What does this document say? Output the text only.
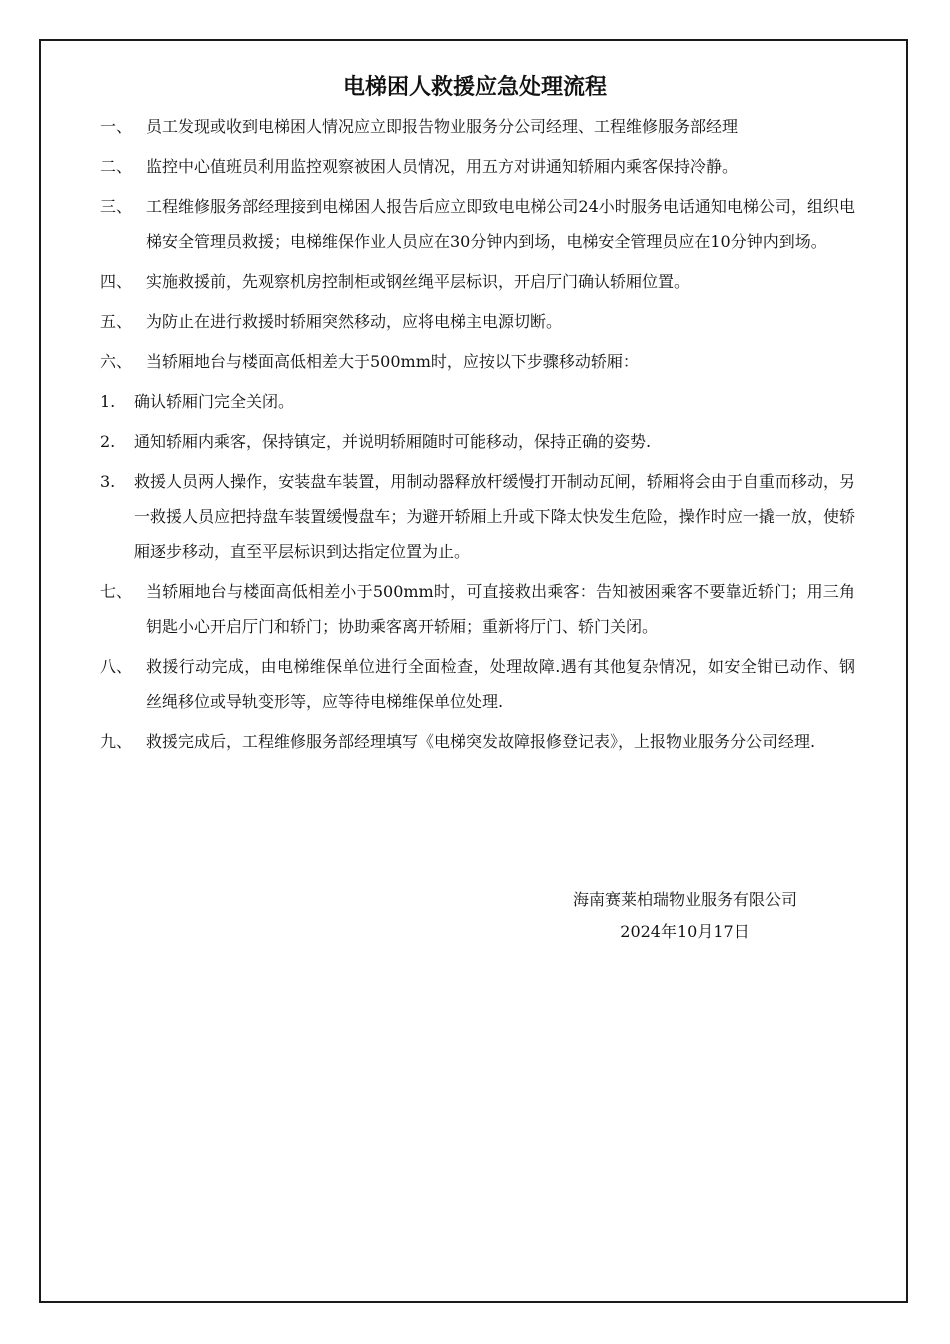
电梯困人救援应急处理流程
一、 员工发现或收到电梯困人情况应立即报告物业服务分公司经理、工程维修服务部经理
二、 监控中心值班员利用监控观察被困人员情况，用五方对讲通知轿厢内乘客保持冷静。
三、 工程维修服务部经理接到电梯困人报告后应立即致电电梯公司24小时服务电话通知电梯公司，组织电梯安全管理员救援；电梯维保作业人员应在30分钟内到场，电梯安全管理员应在10分钟内到场。
四、 实施救援前，先观察机房控制柜或钢丝绳平层标识，开启厅门确认轿厢位置。
五、 为防止在进行救援时轿厢突然移动，应将电梯主电源切断。
六、 当轿厢地台与楼面高低相差大于500mm时，应按以下步骤移动轿厢：
1. 确认轿厢门完全关闭。
2. 通知轿厢内乘客，保持镇定，并说明轿厢随时可能移动，保持正确的姿势.
3. 救援人员两人操作，安装盘车装置，用制动器释放杆缓慢打开制动瓦闸，轿厢将会由于自重而移动，另一救援人员应把持盘车装置缓慢盘车；为避开轿厢上升或下降太快发生危险，操作时应一撬一放，使轿厢逐步移动，直至平层标识到达指定位置为止。
七、 当轿厢地台与楼面高低相差小于500mm时，可直接救出乘客：告知被困乘客不要靠近轿门；用三角钥匙小心开启厅门和轿门；协助乘客离开轿厢；重新将厅门、轿门关闭。
八、 救援行动完成，由电梯维保单位进行全面检查，处理故障.遇有其他复杂情况，如安全钳已动作、钢丝绳移位或导轨变形等，应等待电梯维保单位处理.
九、 救援完成后，工程维修服务部经理填写《电梯突发故障报修登记表》，上报物业服务分公司经理.
海南赛莱柏瑞物业服务有限公司
2024年10月17日
